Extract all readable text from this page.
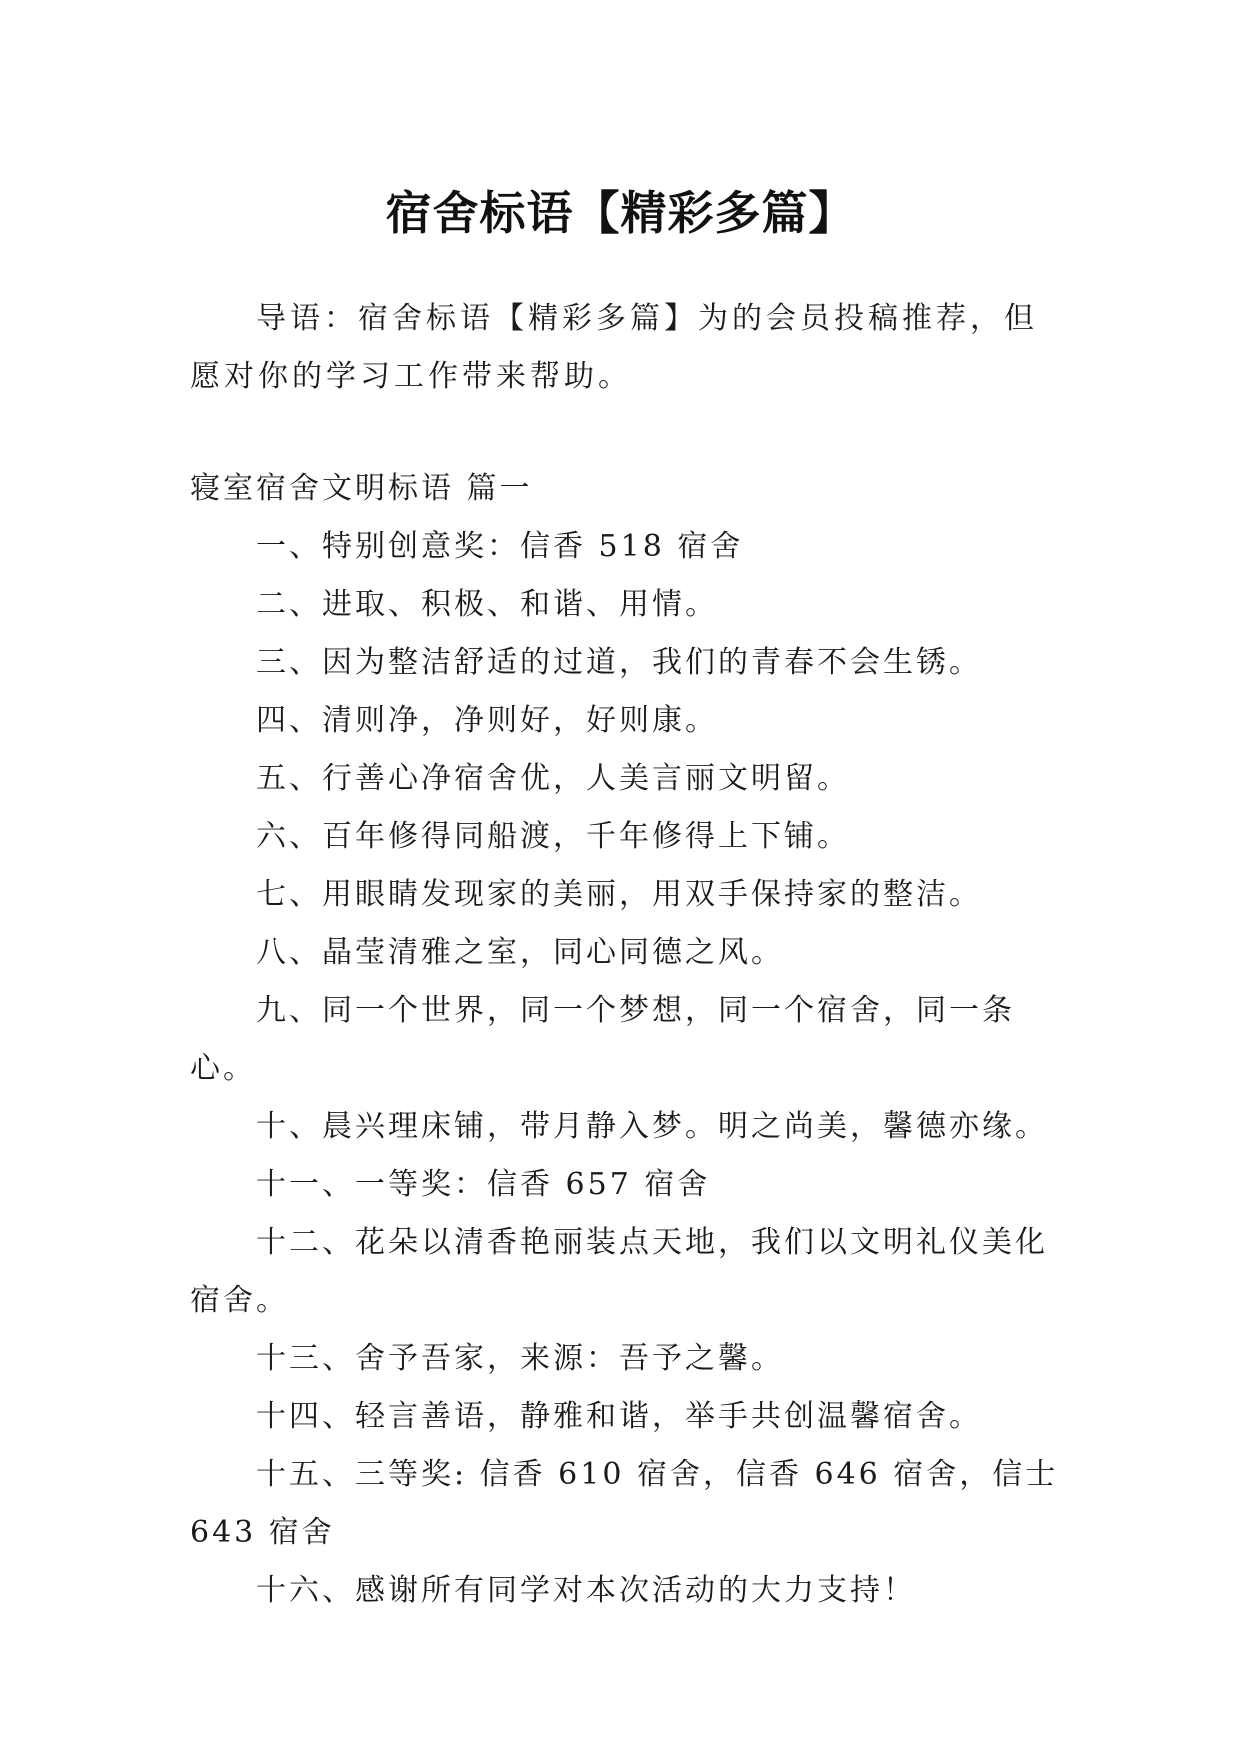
宿舍标语【精彩多篇】

导语：宿舍标语【精彩多篇】为的会员投稿推荐，但愿对你的学习工作带来帮助。

寝室宿舍文明标语 篇一

一、特别创意奖：信香 518 宿舍
二、进取、积极、和谐、用情。
三、因为整洁舒适的过道，我们的青春不会生锈。
四、清则净，净则好，好则康。
五、行善心净宿舍优，人美言丽文明留。
六、百年修得同船渡，千年修得上下铺。
七、用眼睛发现家的美丽，用双手保持家的整洁。
八、晶莹清雅之室，同心同德之风。
九、同一个世界，同一个梦想，同一个宿舍，同一条心。
十、晨兴理床铺，带月静入梦。明之尚美，馨德亦缘。
十一、一等奖：信香 657 宿舍
十二、花朵以清香艳丽装点天地，我们以文明礼仪美化宿舍。
十三、舍予吾家，来源：吾予之馨。
十四、轻言善语，静雅和谐，举手共创温馨宿舍。
十五、三等奖: 信香 610 宿舍，信香 646 宿舍，信士 643 宿舍
十六、感谢所有同学对本次活动的大力支持！
